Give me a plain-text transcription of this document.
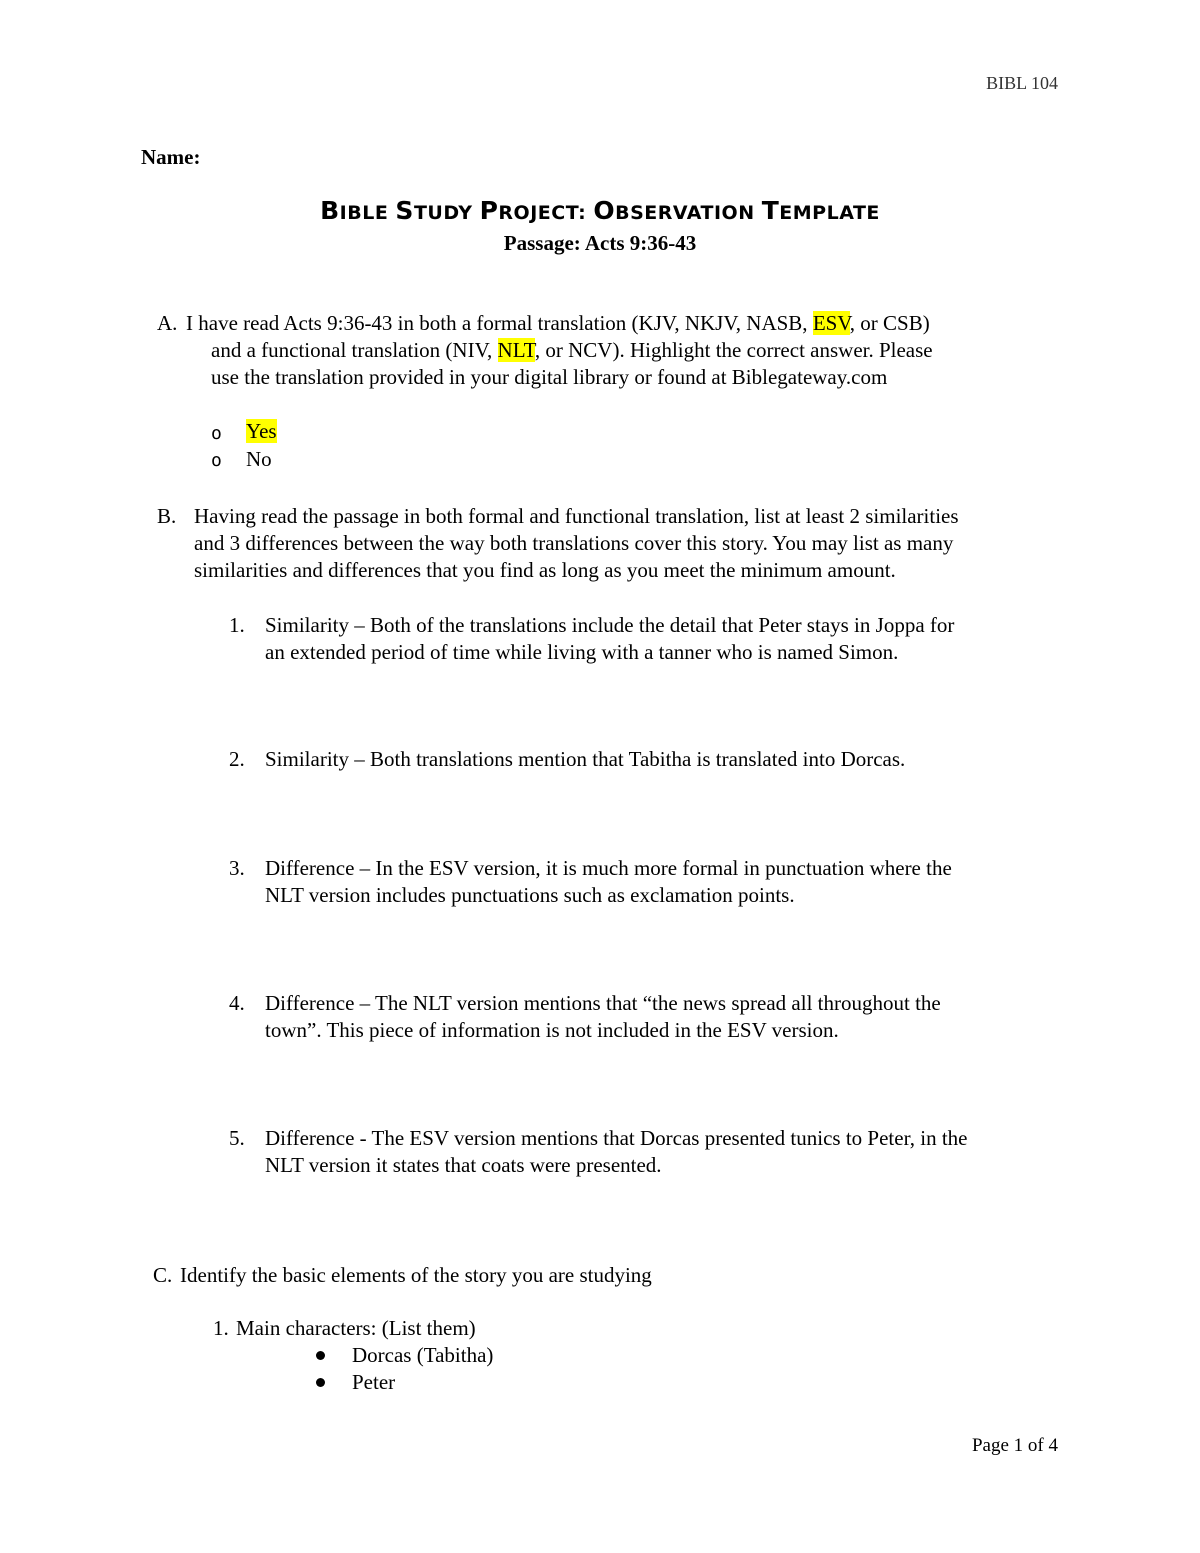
BIBL 104
Page 1 of 4
Name:
BIBLE STUDY PROJECT: OBSERVATION TEMPLATE
Passage: Acts 9:36-43
A. I have read Acts 9:36-43 in both a formal translation (KJV, NKJV, NASB, ESV, or CSB)
and a functional translation (NIV, NLT, or NCV). Highlight the correct answer. Please
use the translation provided in your digital library or found at Biblegateway.com
o Yes
o No
B. Having read the passage in both formal and functional translation, list at least 2 similarities
and 3 differences between the way both translations cover this story. You may list as many
similarities and differences that you find as long as you meet the minimum amount.
1. Similarity – Both of the translations include the detail that Peter stays in Joppa for
an extended period of time while living with a tanner who is named Simon.
2. Similarity – Both translations mention that Tabitha is translated into Dorcas.
3. Difference – In the ESV version, it is much more formal in punctuation where the
NLT version includes punctuations such as exclamation points.
4. Difference – The NLT version mentions that “the news spread all throughout the
town”. This piece of information is not included in the ESV version.
5. Difference - The ESV version mentions that Dorcas presented tunics to Peter, in the
NLT version it states that coats were presented.
C. Identify the basic elements of the story you are studying
1. Main characters: (List them)
Dorcas (Tabitha)
Peter
